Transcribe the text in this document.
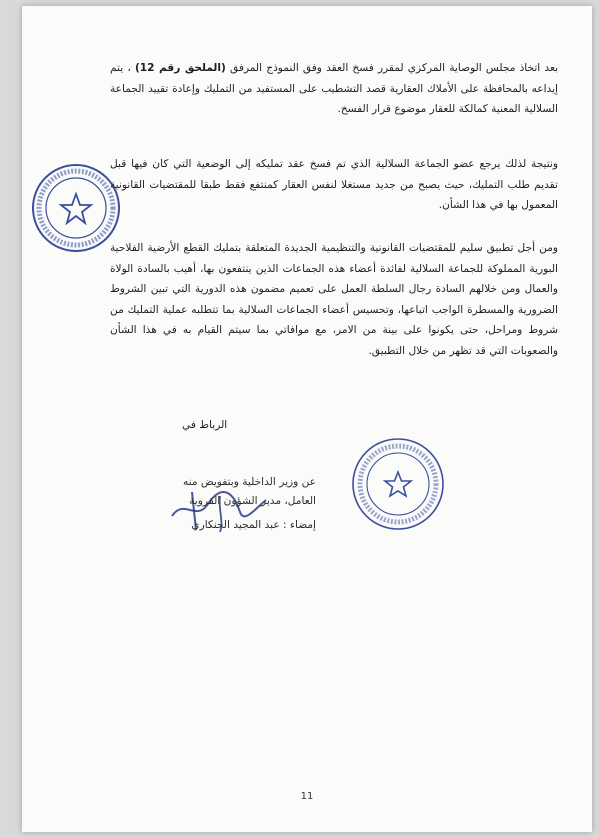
بعد اتخاذ مجلس الوصاية المركزي لمقرر فسخ العقد وفق النموذج المرفق (الملحق رقم 12) ، يتم إيداعه بالمحافظة على الأملاك العقارية قصد التشطيب على المستفيد من التمليك وإعادة تقييد الجماعة السلالية المعنية كمالكة للعقار موضوع قرار الفسخ.
ونتيجة لذلك يرجع عضو الجماعة السلالية الذي تم فسخ عقد تمليكه إلى الوضعية التي كان فيها قبل تقديم طلب التمليك، حيث يصبح من جديد مستغلا لنفس العقار كمنتفع فقط طبقا للمقتضيات القانونية المعمول بها في هذا الشأن.
ومن أجل تطبيق سليم للمقتضيات القانونية والتنظيمية الجديدة المتعلقة بتمليك القطع الأرضية الفلاحية البورية المملوكة للجماعة السلالية لفائدة أعضاء هذه الجماعات الذين ينتفعون بها، أهيب بالسادة الولاة والعمال ومن خلالهم السادة رجال السلطة العمل على تعميم مضمون هذه الدورية التي تبين الشروط الضرورية والمسطرة الواجب اتباعها، وتحسيس أعضاء الجماعات السلالية بما تتطلبه عملية التمليك من شروط ومراحل، حتى يكونوا على بينة من الامر، مع موافاتي بما سيتم القيام به في هذا الشأن والصعوبات التي قد تظهر من خلال التطبيق.
الرباط في
عن وزير الداخلية وبتفويض منه
العامل، مدير الشؤون القروية
إمضاء : عبد المجيد الحنكاري
11
